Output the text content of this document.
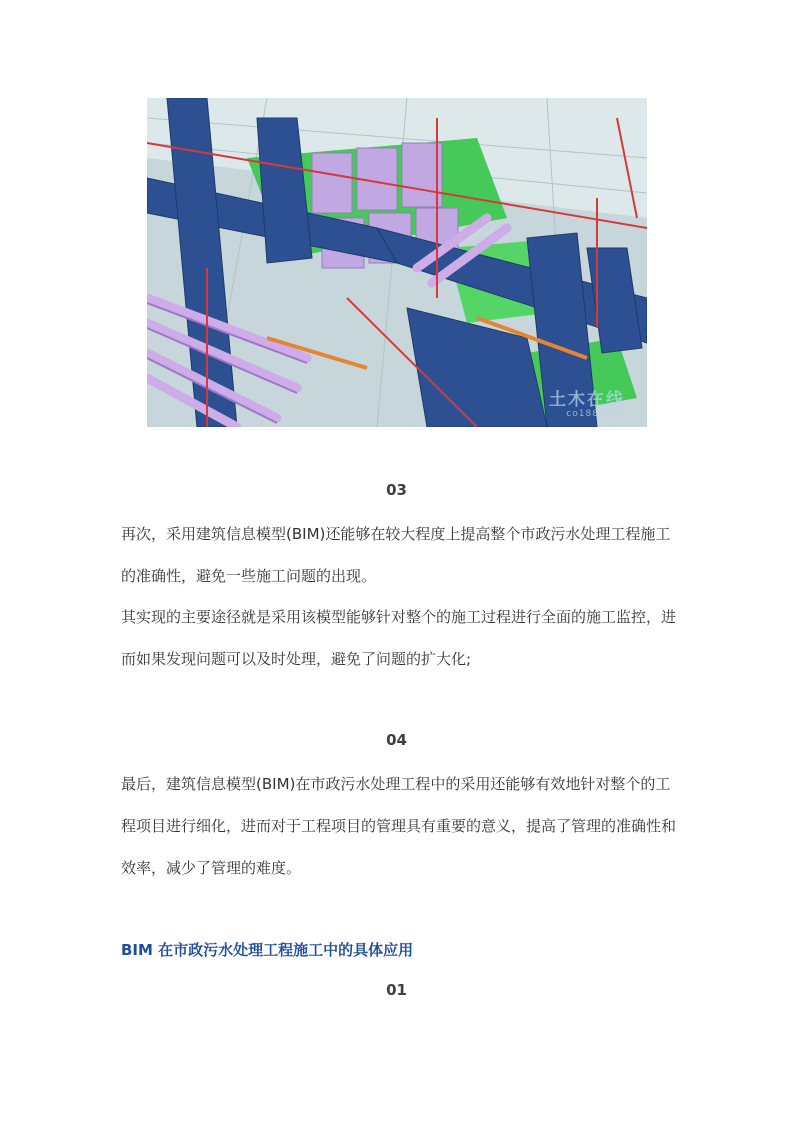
土木在线
co188.com
03

再次，采用建筑信息模型(BIM)还能够在较大程度上提高整个市政污水处理工程施工的准确性，避免一些施工问题的出现。

其实现的主要途径就是采用该模型能够针对整个的施工过程进行全面的施工监控，进而如果发现问题可以及时处理，避免了问题的扩大化;

04

最后，建筑信息模型(BIM)在市政污水处理工程中的采用还能够有效地针对整个的工程项目进行细化，进而对于工程项目的管理具有重要的意义，提高了管理的准确性和效率，减少了管理的难度。

BIM 在市政污水处理工程施工中的具体应用
01
